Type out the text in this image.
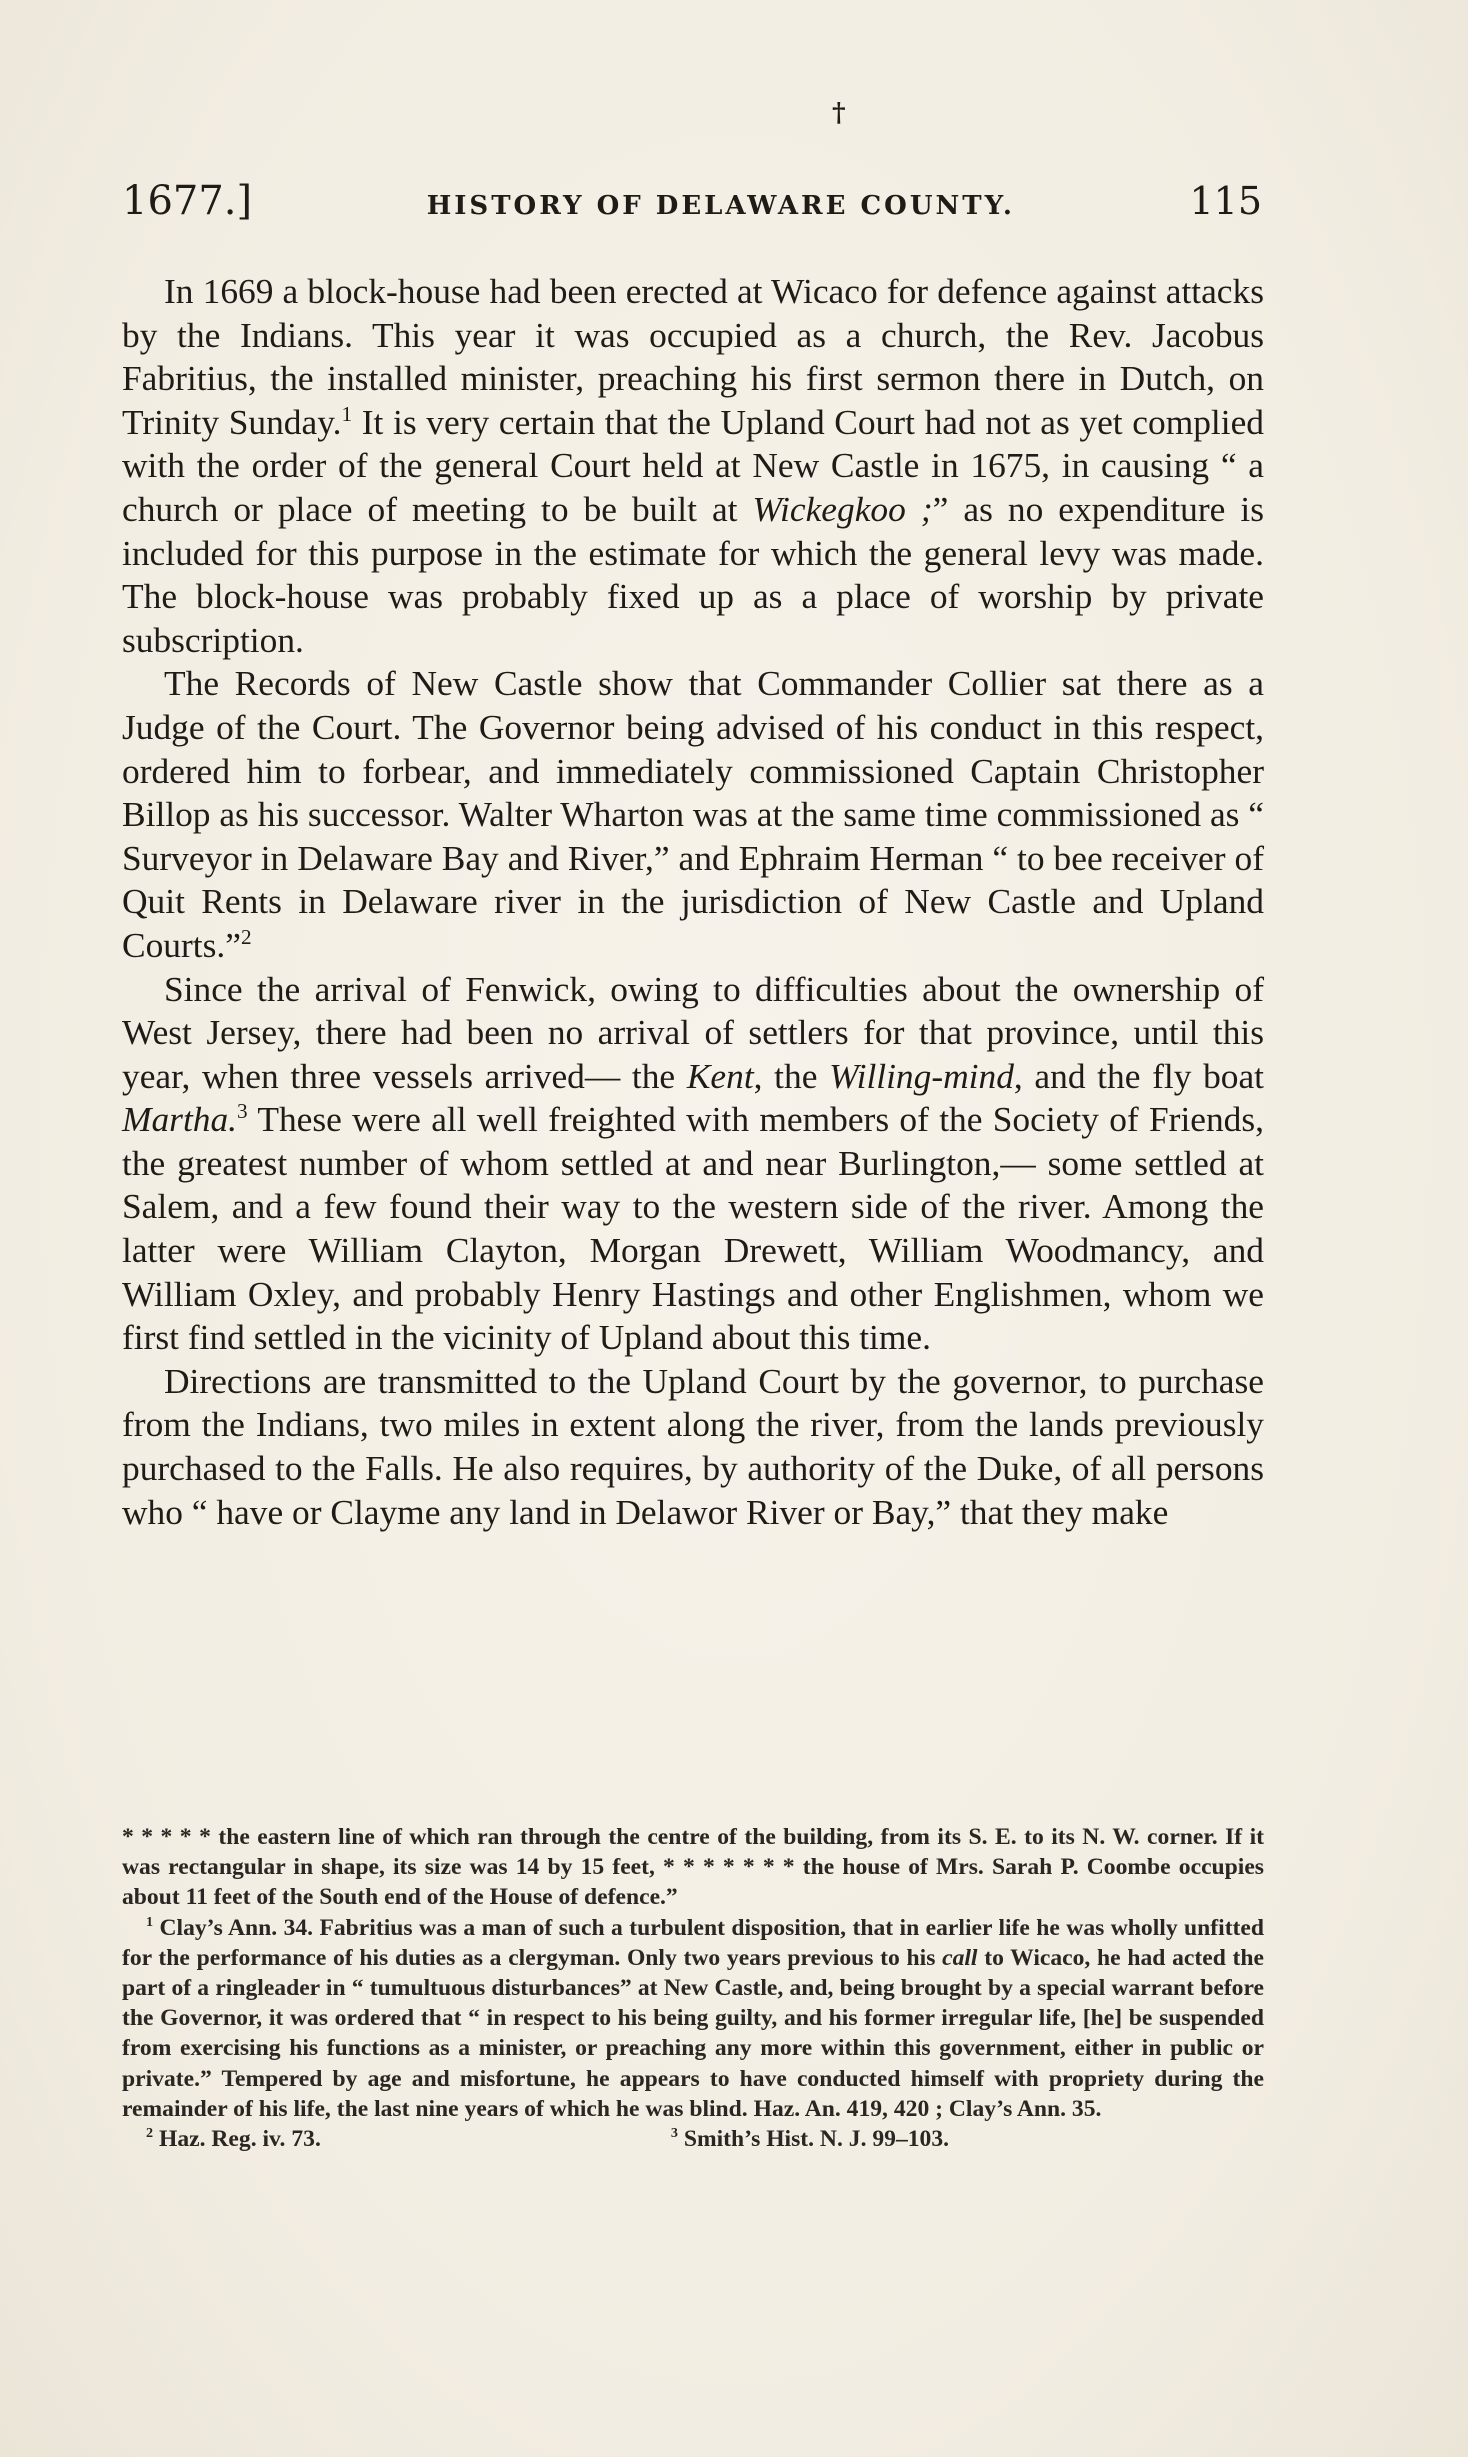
†
1677.]	HISTORY OF DELAWARE COUNTY.	115

In 1669 a block-house had been erected at Wicaco for defence against attacks by the Indians. This year it was occupied as a church, the Rev. Jacobus Fabritius, the installed minister, preaching his first sermon there in Dutch, on Trinity Sunday.$^1$ It is very certain that the Upland Court had not as yet complied with the order of the general Court held at New Castle in 1675, in causing “ a church or place of meeting to be built at Wickegkoo ;” as no expenditure is included for this purpose in the estimate for which the general levy was made. The block-house was probably fixed up as a place of worship by private subscription.

The Records of New Castle show that Commander Collier sat there as a Judge of the Court. The Governor being advised of his conduct in this respect, ordered him to forbear, and immediately commissioned Captain Christopher Billop as his successor. Walter Wharton was at the same time commissioned as “ Surveyor in Delaware Bay and River,” and Ephraim Herman “ to bee receiver of Quit Rents in Delaware river in the jurisdiction of New Castle and Upland Courts.”$^2$

Since the arrival of Fenwick, owing to difficulties about the ownership of West Jersey, there had been no arrival of settlers for that province, until this year, when three vessels arrived— the Kent, the Willing-mind, and the fly boat Martha.$^3$ These were all well freighted with members of the Society of Friends, the greatest number of whom settled at and near Burlington,— some settled at Salem, and a few found their way to the western side of the river. Among the latter were William Clayton, Morgan Drewett, William Woodmancy, and William Oxley, and probably Henry Hastings and other Englishmen, whom we first find settled in the vicinity of Upland about this time.

Directions are transmitted to the Upland Court by the governor, to purchase from the Indians, two miles in extent along the river, from the lands previously purchased to the Falls. He also requires, by authority of the Duke, of all persons who “ have or Clayme any land in Delawor River or Bay,” that they make

* * * * * the eastern line of which ran through the centre of the building, from its S. E. to its N. W. corner. If it was rectangular in shape, its size was 14 by 15 feet, * * * * * * * the house of Mrs. Sarah P. Coombe occupies about 11 feet of the South end of the House of defence.”

$^1$ Clay’s Ann. 34. Fabritius was a man of such a turbulent disposition, that in earlier life he was wholly unfitted for the performance of his duties as a clergyman. Only two years previous to his call to Wicaco, he had acted the part of a ringleader in “ tumultuous disturbances” at New Castle, and, being brought by a special warrant before the Governor, it was ordered that “ in respect to his being guilty, and his former irregular life, [he] be suspended from exercising his functions as a minister, or preaching any more within this government, either in public or private.” Tempered by age and misfortune, he appears to have conducted himself with propriety during the remainder of his life, the last nine years of which he was blind. Haz. An. 419, 420 ; Clay’s Ann. 35.

$^2$ Haz. Reg. iv. 73.	$^3$ Smith’s Hist. N. J. 99–103.
